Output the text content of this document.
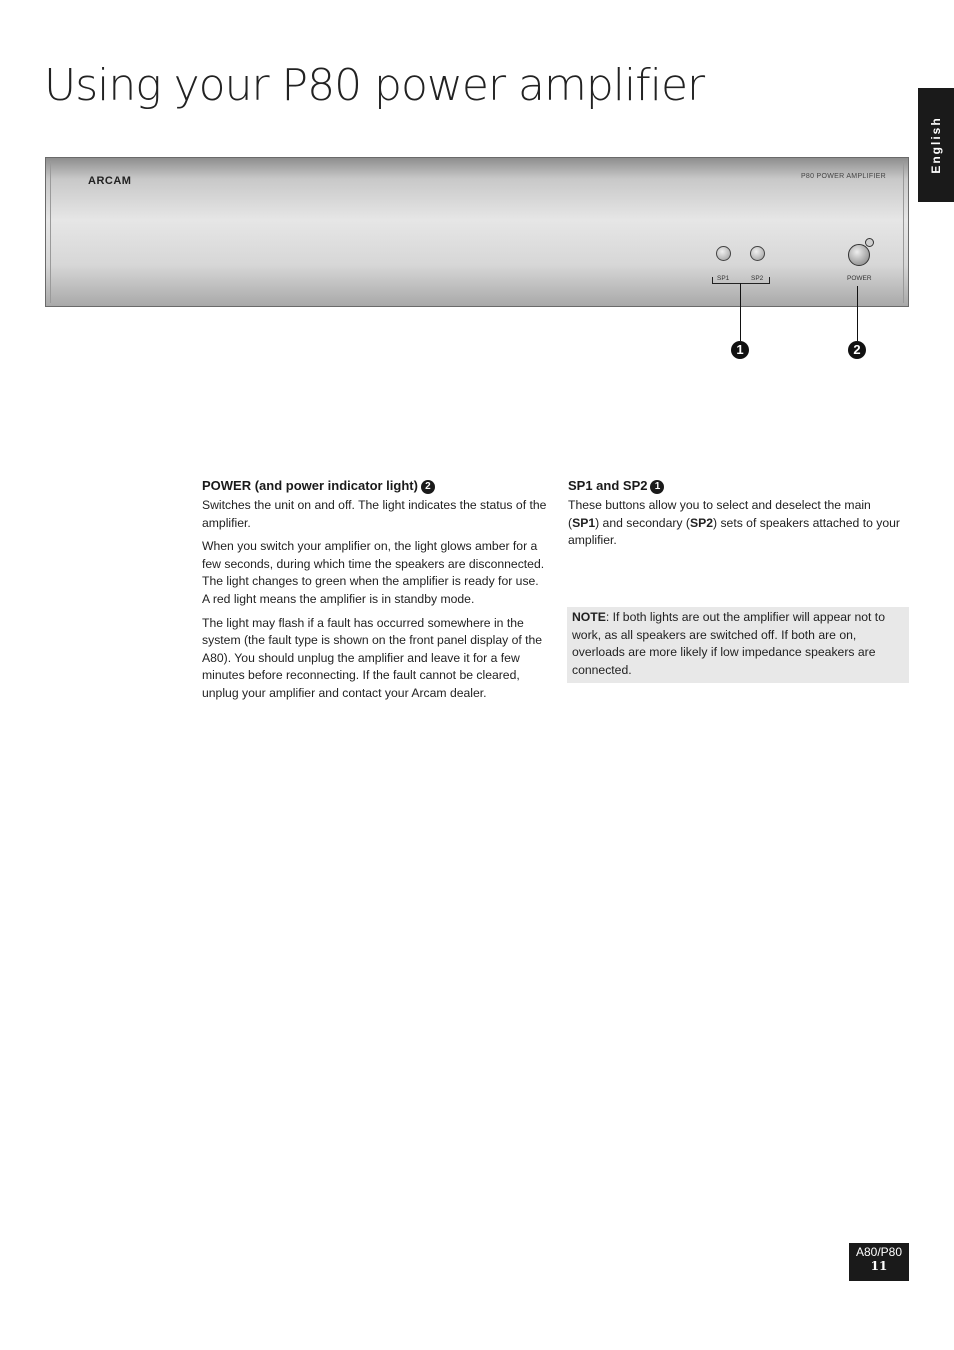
Using your P80 power amplifier
English
ARCAM	P80 POWER AMPLIFIER
SP1	SP2	POWER
1	2
POWER (and power indicator light) 2

Switches the unit on and off. The light indicates the status of the amplifier.

When you switch your amplifier on, the light glows amber for a few seconds, during which time the speakers are disconnected. The light changes to green when the amplifier is ready for use. A red light means the amplifier is in standby mode.

The light may flash if a fault has occurred somewhere in the system (the fault type is shown on the front panel display of the A80). You should unplug the amplifier and leave it for a few minutes before reconnecting. If the fault cannot be cleared, unplug your amplifier and contact your Arcam dealer.

SP1 and SP2 1

These buttons allow you to select and deselect the main (SP1) and secondary (SP2) sets of speakers attached to your amplifier.

NOTE: If both lights are out the amplifier will appear not to work, as all speakers are switched off. If both are on, overloads are more likely if low impedance speakers are connected.
A80/P80
11
